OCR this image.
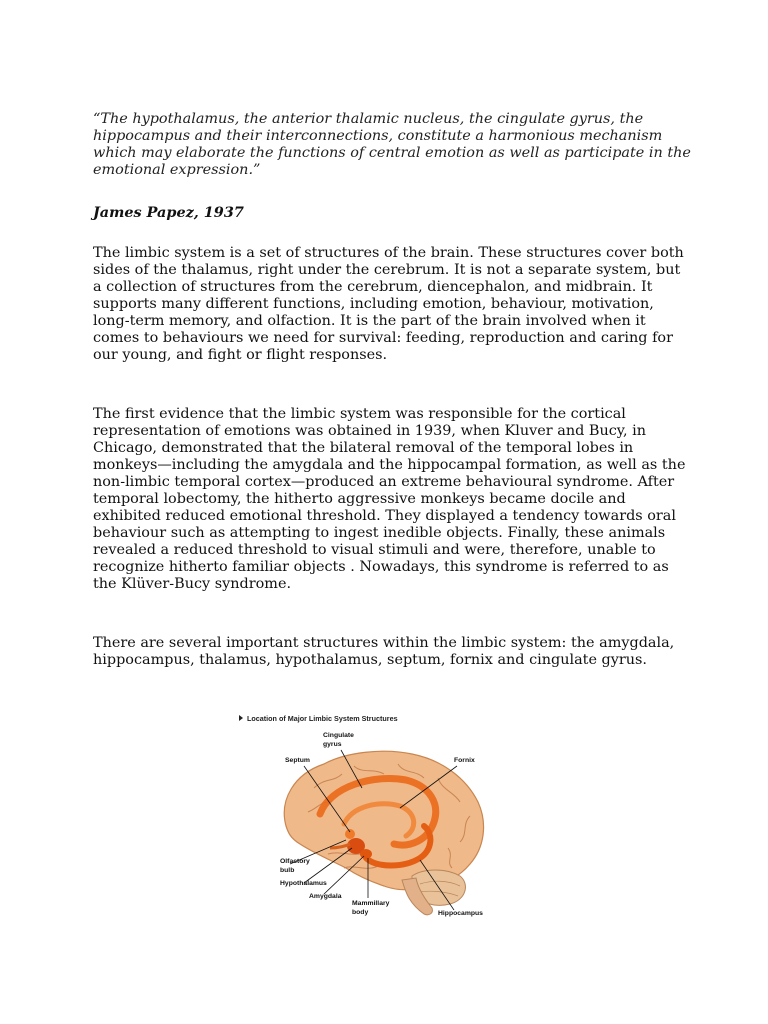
“The hypothalamus, the anterior thalamic nucleus, the cingulate gyrus, the hippocampus and their interconnections, constitute a harmonious mechanism which may elaborate the functions of central emotion as well as participate in the emotional expression.”

James Papez, 1937

The limbic system is a set of structures of the brain. These structures cover both sides of the thalamus, right under the cerebrum. It is not a separate system, but a collection of structures from the cerebrum, diencephalon, and midbrain. It supports many different functions, including emotion, behaviour, motivation, long-term memory, and olfaction. It is the part of the brain involved when it comes to behaviours we need for survival: feeding, reproduction and caring for our young, and fight or flight responses.

The first evidence that the limbic system was responsible for the cortical representation of emotions was obtained in 1939, when Kluver and Bucy, in Chicago, demonstrated that the bilateral removal of the temporal lobes in monkeys—including the amygdala and the hippocampal formation, as well as the non-limbic temporal cortex—produced an extreme behavioural syndrome. After temporal lobectomy, the hitherto aggressive monkeys became docile and exhibited reduced emotional threshold. They displayed a tendency towards oral behaviour such as attempting to ingest inedible objects. Finally, these animals revealed a reduced threshold to visual stimuli and were, therefore, unable to recognize hitherto familiar objects . Nowadays, this syndrome is referred to as the Klüver-Bucy syndrome.

There are several important structures within the limbic system: the amygdala, hippocampus, thalamus, hypothalamus, septum, fornix and cingulate gyrus.

Location of Major Limbic System Structures
Cingulate
gyrus
Septum	Fornix
Olfactory
bulb
Hypothalamus
Amygdala
Mammillary
body	Hippocampus
